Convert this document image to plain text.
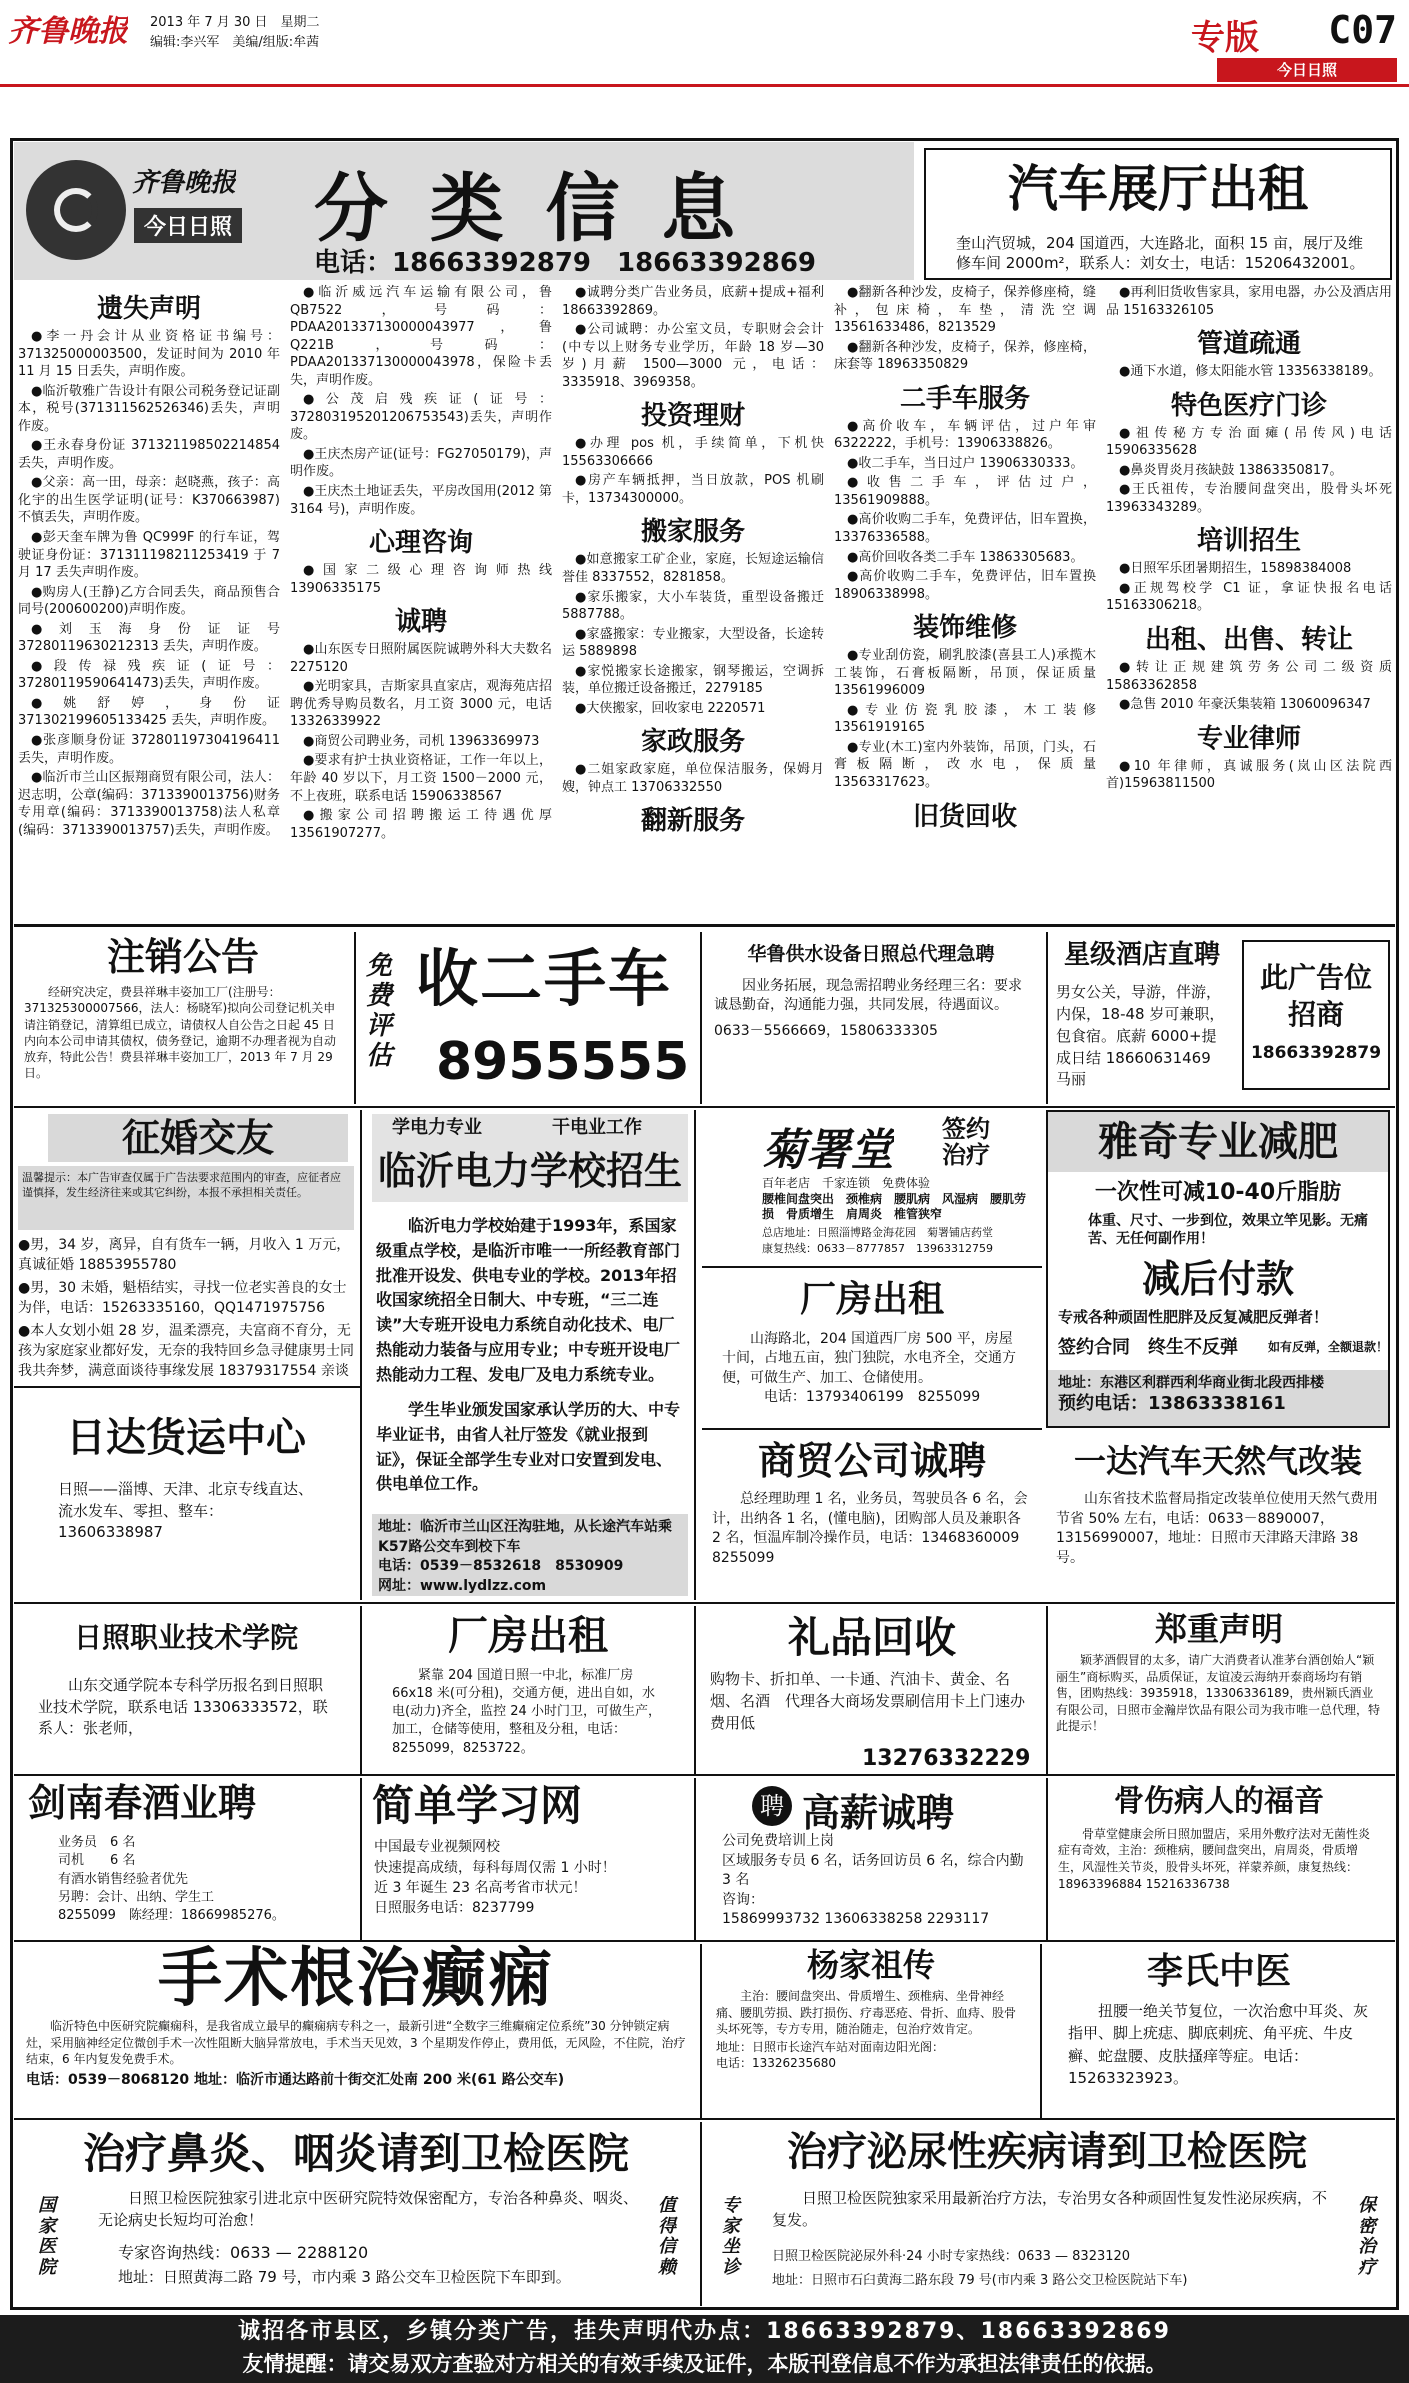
齐鲁晚报 2013 年 7 月 30 日　星期二
编辑:李兴军　美编/组版:牟茜	专版 C07
今日日照
齐鲁晚报
今日日照 分 类 信 息
电话：18663392879　18663392869
汽车展厅出租
奎山汽贸城，204 国道西，大连路北，面积 15 亩，展厅及维修车间 2000m²，联系人：刘女士，电话：15206432001。
遗失声明

●李一丹会计从业资格证书编号：371325000003500，发证时间为 2010 年 11 月 15 日丢失，声明作废。

●临沂敬雅广告设计有限公司税务登记证副本，税号(371311562526346)丢失，声明作废。

●王永春身份证 371321198502214854 丢失，声明作废。

●父亲：高一田，母亲：赵晓燕，孩子：高化宇的出生医学证明(证号：K370663987)不慎丢失，声明作废。

●彭天奎车牌为鲁 QC999F 的行车证，驾驶证身份证：371311198211253419 于 7 月 17 丢失声明作废。

●购房人(王静)乙方合同丢失，商品预售合同号(200600200)声明作废。

●刘玉海身份证证号 37280119630212313 丢失，声明作废。

●段传禄残疾证(证号：37280119590641473)丢失，声明作废。

●姚舒婷，身份证 371302199605133425 丢失，声明作废。

●张彦顺身份证 372801197304196411 丢失，声明作废。

●临沂市兰山区振翔商贸有限公司，法人：迟志明，公章(编码：3713390013756)财务专用章(编码：3713390013758)法人私章(编码：3713390013757)丢失，声明作废。

●临沂威远汽车运输有限公司，鲁 QB7522，号码：PDAA201337130000043977，鲁 Q221B，号码：PDAA201337130000043978，保险卡丢失，声明作废。

●公茂启残疾证(证号：372803195201206753543)丢失，声明作废。

●王庆杰房产证(证号：FG27050179)，声明作废。

●王庆杰土地证丢失，平房改国用(2012 第 3164 号)，声明作废。

心理咨询

●国家二级心理咨询师热线 13906335175

诚聘

●山东医专日照附属医院诚聘外科大夫数名 2275120

●光明家具，吉斯家具直家店，观海苑店招聘优秀导购员数名，月工资 3000 元，电话 13326339922

●商贸公司聘业务，司机 13963369973

●要求有护士执业资格证，工作一年以上，年龄 40 岁以下，月工资 1500－2000 元，不上夜班，联系电话 15906338567

●搬家公司招聘搬运工待遇优厚 13561907277。

●诚聘分类广告业务员，底薪+提成+福利 18663392869。

●公司诚聘：办公室文员，专职财会会计(中专以上财务专业学历，年龄 18 岁—30 岁)月薪 1500—3000 元，电话：3335918、3969358。

投资理财

●办理 pos 机，手续简单，下机快 15563306666

●房产车辆抵押，当日放款，POS 机刷卡，13734300000。

搬家服务

●如意搬家工矿企业，家庭，长短途运输信誉佳 8337552，8281858。

●家乐搬家，大小车装货，重型设备搬迁 5887788。

●家盛搬家：专业搬家，大型设备，长途转运 5889898

●家悦搬家长途搬家，钢琴搬运，空调拆装，单位搬迁设备搬迁，2279185

●大侠搬家，回收家电 2220571

家政服务

●二姐家政家庭，单位保洁服务，保姆月嫂，钟点工 13706332550

翻新服务

●翻新各种沙发，皮椅子，保养修座椅，缝补，包床椅，车垫，清洗空调 13561633486，8213529

●翻新各种沙发，皮椅子，保养，修座椅，床套等 18963350829

二手车服务

●高价收车，车辆评估，过户年审 6322222，手机号：13906338826。

●收二手车，当日过户 13906330333。

●收售二手车，评估过户，13561909888。

●高价收购二手车，免费评估，旧车置换，13376336588。

●高价回收各类二手车 13863305683。

●高价收购二手车，免费评估，旧车置换 18906338998。

装饰维修

●专业刮仿瓷，刷乳胶漆(喜县工人)承揽木工装饰，石膏板隔断，吊顶，保证质量 13561996009

●专业仿瓷乳胶漆，木工装修 13561919165

●专业(木工)室内外装饰，吊顶，门头，石膏板隔断，改水电，保质量 13563317623。

旧货回收

●再利旧货收售家具，家用电器，办公及酒店用品 15163326105

管道疏通

●通下水道，修太阳能水管 13356338189。

特色医疗门诊

●祖传秘方专治面瘫(吊传风)电话 15906335628

●鼻炎胃炎月孩缺鼓 13863350817。

●王氏祖传，专治腰间盘突出，股骨头坏死 13963343289。

培训招生

●日照军乐团暑期招生，15898384008

●正规驾校学 C1 证，拿证快报名电话 15163306218。

出租、出售、转让

●转让正规建筑劳务公司二级资质 15863362858

●急售 2010 年豪沃集装箱 13060096347

专业律师

●10 年律师，真诚服务(岚山区法院西首)15963811500

注销公告
经研究决定，费县祥琳丰姿加工厂(注册号：371325300007566，法人：杨晓军)拟向公司登记机关申请注销登记，清算组已成立，请债权人自公告之日起 45 日内向本公司申请其债权，债务登记，逾期不办理者视为自动放弃，特此公告！费县祥琳丰姿加工厂，2013 年 7 月 29 日。
免费评估
收二手车
8955555
华鲁供水设备日照总代理急聘
因业务拓展，现急需招聘业务经理三名：要求诚恳勤奋，沟通能力强，共同发展，待遇面议。
0633－5566669，15806333305
星级酒店直聘
男女公关，导游，伴游，内保，18-48 岁可兼职，包食宿。底薪 6000+提成日结 18660631469　马丽
此广告位招商
18663392879
征婚交友
温馨提示：本广告审查仅属于广告法要求范围内的审查，应征者应谨慎择，发生经济往来或其它纠纷，本报不承担相关责任。

●男，34 岁，离异，自有货车一辆，月收入 1 万元，真诚征婚 18853955780

●男，30 未婚，魁梧结实，寻找一位老实善良的女士为伴，电话：15263335160，QQ1471975756

●本人女划小姐 28 岁，温柔漂亮，夫富商不育分，无孩为家庭家业都好发，无奈的我特回乡急寻健康男士同我共奔梦，满意面谈待事缘发展 18379317554 亲谈

学电力专业	干电业工作
临沂电力学校招生
临沂电力学校始建于1993年，系国家级重点学校，是临沂市唯一一所经教育部门批准开设发、供电专业的学校。2013年招收国家统招全日制大、中专班，“三二连读”大专班开设电力系统自动化技术、电厂热能动力装备与应用专业；中专班开设电厂热能动力工程、发电厂及电力系统专业。
学生毕业颁发国家承认学历的大、中专毕业证书，由省人社厅签发《就业报到证》，保证全部学生专业对口安置到发电、供电单位工作。
地址：临沂市兰山区汪沟驻地，从长途汽车站乘K57路公交车到校下车
电话：0539－8532618　8530909
网址：www.lydlzz.com
菊署堂 签约治疗
百年老店　千家连锁　免费体验
腰椎间盘突出　颈椎病　腰肌病　风湿病　腰肌劳损　骨质增生　肩周炎　椎管狭窄
总店地址：日照淄博路金海花园　菊署铺店药堂
康复热线：0633－8777857　13963312759
厂房出租
山海路北，204 国道西厂房 500 平，房屋十间，占地五亩，独门独院，水电齐全，交通方便，可做生产、加工、仓储使用。
电话：13793406199　8255099
雅奇专业减肥
一次性可减10-40斤脂肪
体重、尺寸、一步到位，效果立竿见影。无痛苦、无任何副作用！
减后付款
专戒各种顽固性肥胖及反复减肥反弹者！
签约合同　终生不反弹	如有反弹，全额退款！
地址：东港区利群西利华商业街北段西排楼
预约电话：13863338161
日达货运中心
日照——淄博、天津、北京专线直达、流水发车、零担、整车：13606338987
商贸公司诚聘
总经理助理 1 名，业务员，驾驶员各 6 名，会计，出纳各 1 名，(懂电脑)，团购部人员及兼职各 2 名，恒温库制冷操作员，电话：13468360009 8255099
一达汽车天然气改装
山东省技术监督局指定改装单位使用天然气费用节省 50% 左右，电话：0633－8890007，13156990007，地址：日照市天津路天津路 38 号。
日照职业技术学院
山东交通学院本专科学历报名到日照职业技术学院，联系电话 13306333572，联系人：张老师，
厂房出租
紧靠 204 国道日照一中北，标准厂房 66x18 米(可分租)，交通方便，进出自如，水电(动力)齐全，监控 24 小时门卫，可做生产，加工，仓储等使用，整租及分租，电话：8255099，8253722。
礼品回收
购物卡、折扣单、一卡通、汽油卡、黄金、名烟、名酒　代理各大商场发票刷信用卡上门速办费用低
13276332229
郑重声明
颖茅酒假冒的太多，请广大消费者认准茅台酒创始人“颖丽生”商标购买，品质保证，友谊凌云海纳开泰商场均有销售，团购热线：3935918，13306336189，贵州颖氏酒业有限公司，日照市金瀚岸饮品有限公司为我市唯一总代理，特此提示！
剑南春酒业聘
业务员　6 名
司机　　6 名
有酒水销售经验者优先
另聘：会计、出纳、学生工
8255099　陈经理：18669985276。
简单学习网
中国最专业视频网校
快速提高成绩，每科每周仅需 1 小时！
近 3 年诞生 23 名高考省市状元！
日照服务电话：8237799
聘 高薪诚聘
公司免费培训上岗
区域服务专员 6 名，话务回访员 6 名，综合内勤 3 名
咨询：
15869993732 13606338258 2293117
骨伤病人的福音
骨草堂健康会所日照加盟店，采用外敷疗法对无菌性炎症有奇效，主治：颈椎病，腰间盘突出，肩周炎，骨质增生，风湿性关节炎，股骨头坏死，祥蒙养颜，康复热线：18963396884 15216336738
手术根治癫痫
临沂特色中医研究院癫痫科，是我省成立最早的癫痫病专科之一，最新引进“全数字三维癫痫定位系统”30 分钟锁定病灶，采用脑神经定位微创手术一次性阻断大脑异常放电，手术当天见效，3 个星期发作停止，费用低，无风险，不住院，治疗结束，6 年内复发免费手术。
电话：0539－8068120 地址：临沂市通达路前十街交汇处南 200 米(61 路公交车)
杨家祖传
主治：腰间盘突出、骨质增生、颈椎病、坐骨神经痛、腰肌劳损、跌打损伤、疗毒恶疮、骨折、血痔、股骨头坏死等，专方专用，随治随走，包治疗效肯定。
地址：日照市长途汽车站对面南边阳光阁：
电话：13326235680
李氏中医
扭腰一绝关节复位，一次治愈中耳炎、灰指甲、脚上疣痣、脚底刺疣、角平疣、牛皮癣、蛇盘腰、皮肤搔痒等症。电话：15263323923。
国家医院
治疗鼻炎、咽炎请到卫检医院
日照卫检医院独家引进北京中医研究院特效保密配方，专治各种鼻炎、咽炎、无论病史长短均可治愈！
专家咨询热线：0633 — 2288120
地址：日照黄海二路 79 号，市内乘 3 路公交车卫检医院下车即到。
值得信赖
专家坐诊
治疗泌尿性疾病请到卫检医院
日照卫检医院独家采用最新治疗方法，专治男女各种顽固性复发性泌尿疾病，不复发。
日照卫检医院泌尿外科·24 小时专家热线：0633 — 8323120
地址：日照市石臼黄海二路东段 79 号(市内乘 3 路公交卫检医院站下车)
保密治疗
诚招各市县区，乡镇分类广告，挂失声明代办点：18663392879、18663392869
友情提醒：请交易双方查验对方相关的有效手续及证件，本版刊登信息不作为承担法律责任的依据。
